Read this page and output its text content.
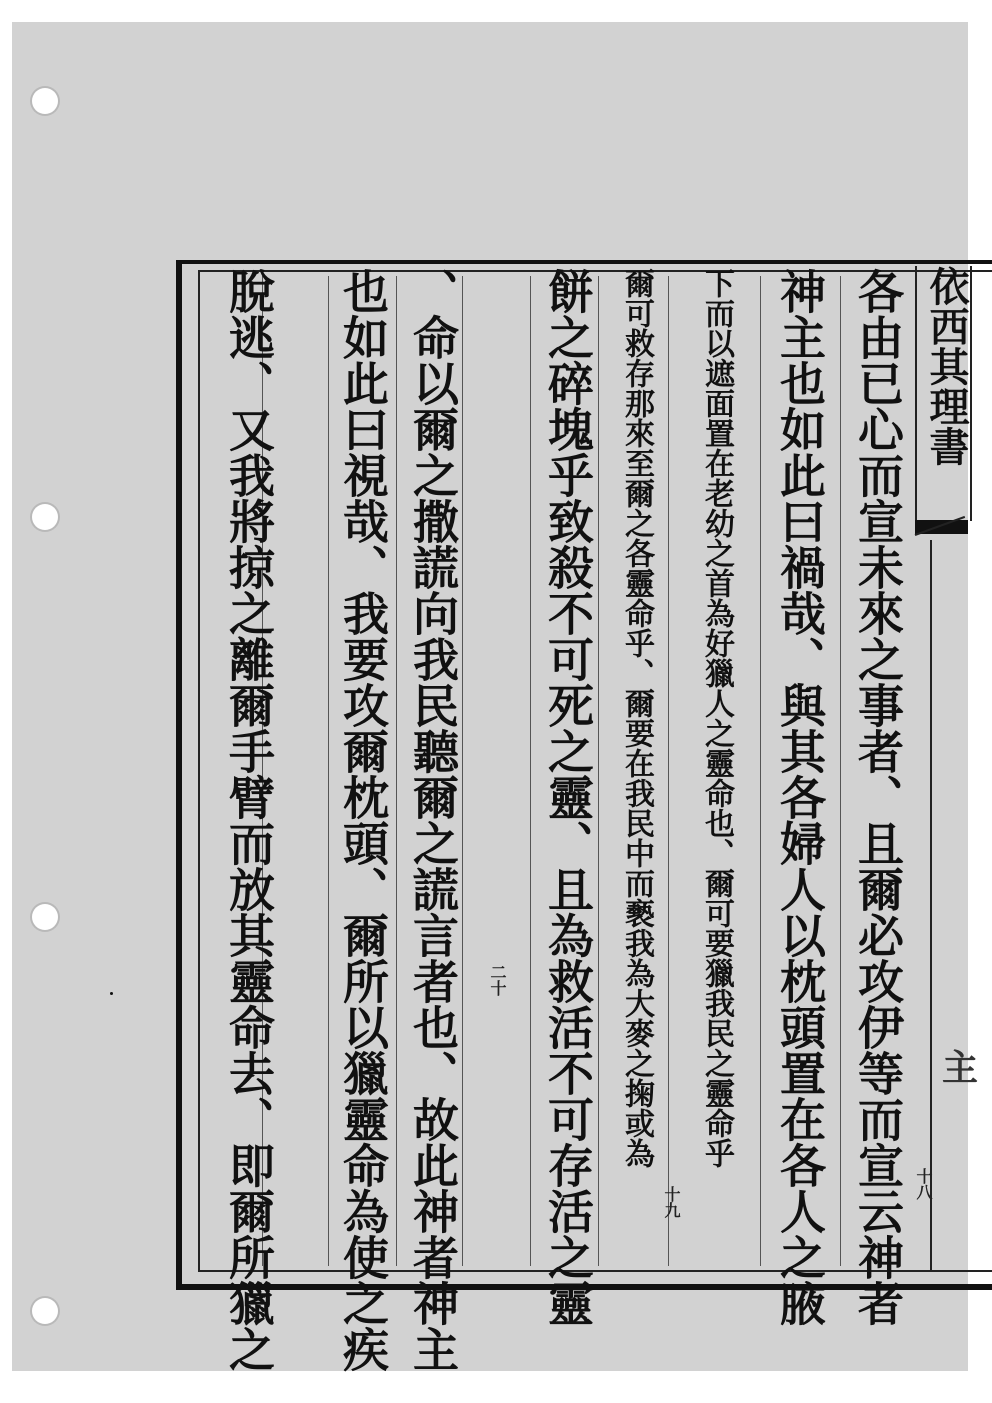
依西其理書
主
各由已心而宣未來之事者、且爾必攻伊等而宣云神者
神主也如此曰禍哉、與其各婦人以枕頭置在各人之腋
下而以遮面置在老幼之首為好獵人之靈命也、爾可要獵我民之靈命乎
爾可救存那來至爾之各靈命乎、爾要在我民中而褻我為大麥之掬或為
餅之碎塊乎致殺不可死之靈、且為救活不可存活之靈
、命以爾之撒謊向我民聽爾之謊言者也、故此神者神主
也如此曰視哉、我要攻爾枕頭、爾所以獵靈命為使之疾
脫逃、又我將掠之離爾手臂而放其靈命去、即爾所獵之	十八
十九
二十
